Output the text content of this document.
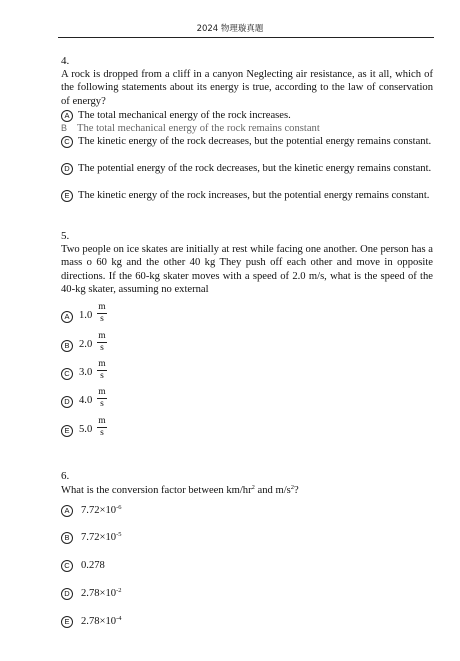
2024 物理璇真題
4.
A rock is dropped from a cliff in a canyon Neglecting air resistance, as it all, which of the following statements about its energy is true, according to the law of conservation of energy?
A The total mechanical energy of the rock increases.
B The total mechanical energy of the rock remains constant
C The kinetic energy of the rock decreases, but the potential energy remains constant.
D The potential energy of the rock decreases, but the kinetic energy remains constant.
E The kinetic energy of the rock increases, but the potential energy remains constant.
5.
Two people on ice skates are initially at rest while facing one another. One person has a mass o 60 kg and the other 40 kg They push off each other and move in opposite directions. If the 60-kg skater moves with a speed of 2.0 m/s, what is the speed of the 40-kg skater, assuming no external
A $1.0 \frac{m}{s}$
B $2.0 \frac{m}{s}$
C $3.0 \frac{m}{s}$
D $4.0 \frac{m}{s}$
E $5.0 \frac{m}{s}$
6.
What is the conversion factor between $km/hr^2$ and $m/s^2$?
A $7.72\times 10^{-6}$
B $7.72\times 10^{-5}$
C 0.278
D $2.78\times 10^{-2}$
E $2.78\times 10^{-4}$
